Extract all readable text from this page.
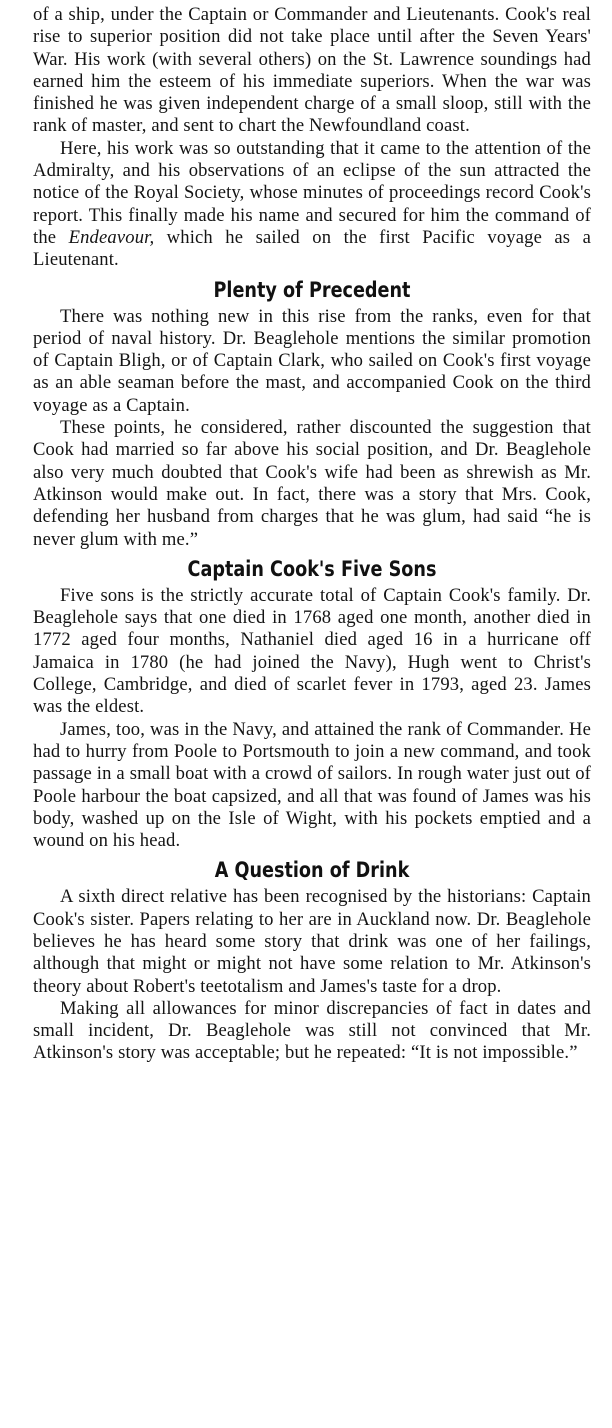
of a ship, under the Captain or Commander and Lieutenants. Cook's real rise to superior position did not take place until after the Seven Years' War. His work (with several others) on the St. Lawrence soundings had earned him the esteem of his immediate superiors. When the war was finished he was given independent charge of a small sloop, still with the rank of master, and sent to chart the Newfoundland coast.

Here, his work was so outstanding that it came to the attention of the Admiralty, and his observations of an eclipse of the sun attracted the notice of the Royal Society, whose minutes of proceedings record Cook's report. This finally made his name and secured for him the command of the Endeavour, which he sailed on the first Pacific voyage as a Lieutenant.

Plenty of Precedent

There was nothing new in this rise from the ranks, even for that period of naval history. Dr. Beaglehole mentions the similar promotion of Captain Bligh, or of Captain Clark, who sailed on Cook's first voyage as an able seaman before the mast, and accompanied Cook on the third voyage as a Captain.

These points, he considered, rather discounted the suggestion that Cook had married so far above his social position, and Dr. Beaglehole also very much doubted that Cook's wife had been as shrewish as Mr. Atkinson would make out. In fact, there was a story that Mrs. Cook, defending her husband from charges that he was glum, had said “he is never glum with me.”

Captain Cook's Five Sons

Five sons is the strictly accurate total of Captain Cook's family. Dr. Beaglehole says that one died in 1768 aged one month, another died in 1772 aged four months, Nathaniel died aged 16 in a hurricane off Jamaica in 1780 (he had joined the Navy), Hugh went to Christ's College, Cambridge, and died of scarlet fever in 1793, aged 23. James was the eldest.

James, too, was in the Navy, and attained the rank of Commander. He had to hurry from Poole to Portsmouth to join a new command, and took passage in a small boat with a crowd of sailors. In rough water just out of Poole harbour the boat capsized, and all that was found of James was his body, washed up on the Isle of Wight, with his pockets emptied and a wound on his head.

A Question of Drink

A sixth direct relative has been recognised by the historians: Captain Cook's sister. Papers relating to her are in Auckland now. Dr. Beaglehole believes he has heard some story that drink was one of her failings, although that might or might not have some relation to Mr. Atkinson's theory about Robert's teetotalism and James's taste for a drop.

Making all allowances for minor discrepancies of fact in dates and small incident, Dr. Beaglehole was still not convinced that Mr. Atkinson's story was acceptable; but he repeated: “It is not impossible.”
